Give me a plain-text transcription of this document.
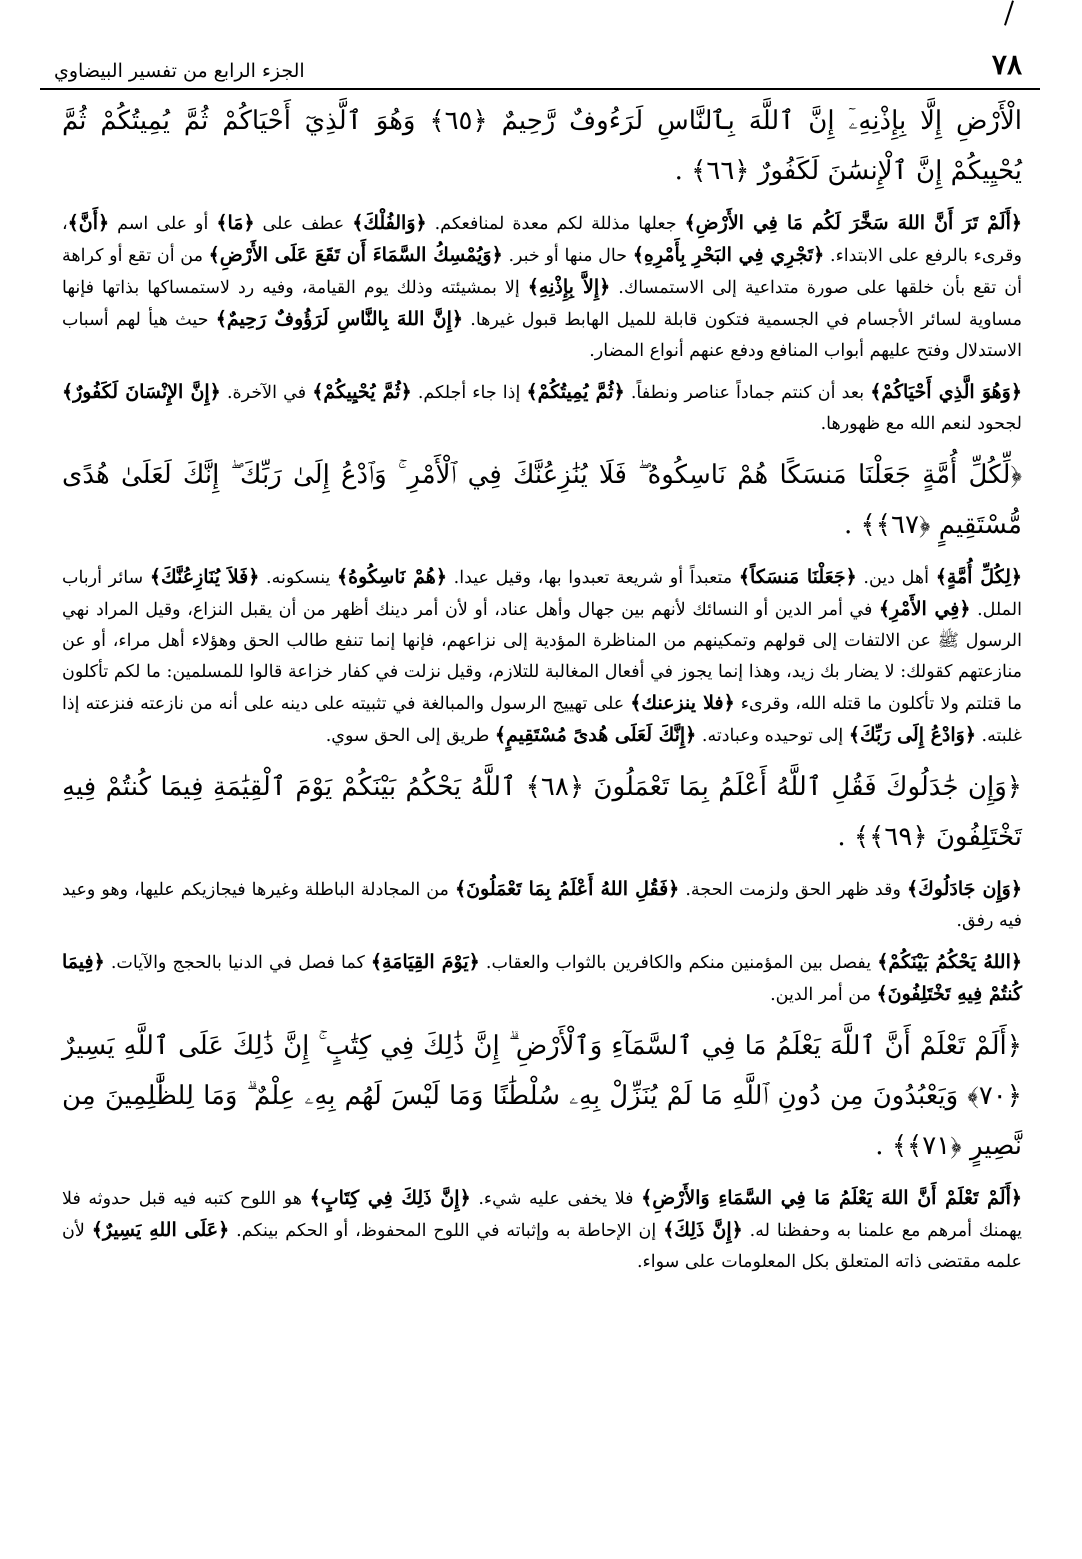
٧٨
الجزء الرابع من تفسير البيضاوي

الْأَرْضِ إِلَّا بِإِذْنِهِۦٓ إِنَّ ٱللَّهَ بِٱلنَّاسِ لَرَءُوفٌ رَّحِيمٌ ﴿٦٥﴾ وَهُوَ ٱلَّذِيٓ أَحْيَاكُمْ ثُمَّ يُمِيتُكُمْ ثُمَّ يُحْيِيكُمْ إِنَّ ٱلْإِنسَٰنَ لَكَفُورٌ ﴿٦٦﴾ .

﴿أَلَمْ تَرَ أَنَّ اللهَ سَخَّرَ لَكُم مَا فِي الأَرْضِ﴾ جعلها مذللة لكم معدة لمنافعكم. ﴿وَالفُلْكَ﴾ عطف على ﴿مَا﴾ أو على اسم ﴿أَنَّ﴾، وقرىء بالرفع على الابتداء. ﴿تَجْرِي فِي البَحْرِ بِأَمْرِهِ﴾ حال منها أو خبر. ﴿وَيُمْسِكُ السَّمَاءَ أَن تَقَعَ عَلَى الأَرْضِ﴾ من أن تقع أو كراهة أن تقع بأن خلقها على صورة متداعية إلى الاستمساك. ﴿إِلاَّ بِإِذْنِهِ﴾ إلا بمشيئته وذلك يوم القيامة، وفيه رد لاستمساكها بذاتها فإنها مساوية لسائر الأجسام في الجسمية فتكون قابلة للميل الهابط قبول غيرها. ﴿إِنَّ اللهَ بِالنَّاسِ لَرَؤُوفٌ رَحِيمٌ﴾ حيث هيأ لهم أسباب الاستدلال وفتح عليهم أبواب المنافع ودفع عنهم أنواع المضار.

﴿وَهُوَ الَّذِي أَحْيَاكُمْ﴾ بعد أن كنتم جماداً عناصر ونطفاً. ﴿ثُمَّ يُمِيتُكُمْ﴾ إذا جاء أجلكم. ﴿ثُمَّ يُحْيِيكُمْ﴾ في الآخرة. ﴿إِنَّ الإِنْسَانَ لَكَفُورٌ﴾ لجحود لنعم الله مع ظهورها.

﴿لِّكُلِّ أُمَّةٍ جَعَلْنَا مَنسَكًا هُمْ نَاسِكُوهُ ۖ فَلَا يُنَٰزِعُنَّكَ فِي ٱلْأَمْرِ ۚ وَٱدْعُ إِلَىٰ رَبِّكَ ۖ إِنَّكَ لَعَلَىٰ هُدًى مُّسْتَقِيمٍ ﴿٦٧﴾﴾ .

﴿لِكُلِّ أُمَّةٍ﴾ أهل دين. ﴿جَعَلْنَا مَنسَكاً﴾ متعبداً أو شريعة تعبدوا بها، وقيل عيدا. ﴿هُمْ نَاسِكُوهُ﴾ ينسكونه. ﴿فَلاَ يُنَازِعُنَّكَ﴾ سائر أرباب الملل. ﴿فِي الأَمْرِ﴾ في أمر الدين أو النسائك لأنهم بين جهال وأهل عناد، أو لأن أمر دينك أظهر من أن يقبل النزاع، وقيل المراد نهي الرسول ﷺ عن الالتفات إلى قولهم وتمكينهم من المناظرة المؤدية إلى نزاعهم، فإنها إنما تنفع طالب الحق وهؤلاء أهل مراء، أو عن منازعتهم كقولك: لا يضار بك زيد، وهذا إنما يجوز في أفعال المغالبة للتلازم، وقيل نزلت في كفار خزاعة قالوا للمسلمين: ما لكم تأكلون ما قتلتم ولا تأكلون ما قتله الله، وقرىء ﴿فلا ينزعنك﴾ على تهييج الرسول والمبالغة في تثبيته على دينه على أنه من نازعته فنزعته إذا غلبته. ﴿وَادْعُ إِلَى رَبِّكَ﴾ إلى توحيده وعبادته. ﴿إِنَّكَ لَعَلَى هُدىً مُسْتَقِيمٍ﴾ طريق إلى الحق سوي.

﴿وَإِن جَٰدَلُوكَ فَقُلِ ٱللَّهُ أَعْلَمُ بِمَا تَعْمَلُونَ ﴿٦٨﴾ ٱللَّهُ يَحْكُمُ بَيْنَكُمْ يَوْمَ ٱلْقِيَٰمَةِ فِيمَا كُنتُمْ فِيهِ تَخْتَلِفُونَ ﴿٦٩﴾﴾ .

﴿وَإِن جَادَلُوكَ﴾ وقد ظهر الحق ولزمت الحجة. ﴿فَقُلِ اللهُ أَعْلَمُ بِمَا تَعْمَلُونَ﴾ من المجادلة الباطلة وغيرها فيجازيكم عليها، وهو وعيد فيه رفق.

﴿اللهُ يَحْكُمُ بَيْنَكُمْ﴾ يفصل بين المؤمنين منكم والكافرين بالثواب والعقاب. ﴿يَوْمَ القِيَامَةِ﴾ كما فصل في الدنيا بالحجج والآيات. ﴿فِيمَا كُنتُمْ فِيهِ تَخْتَلِفُونَ﴾ من أمر الدين.

﴿أَلَمْ تَعْلَمْ أَنَّ ٱللَّهَ يَعْلَمُ مَا فِي ٱلسَّمَآءِ وَٱلْأَرْضِ ۗ إِنَّ ذَٰلِكَ فِي كِتَٰبٍ ۚ إِنَّ ذَٰلِكَ عَلَى ٱللَّهِ يَسِيرٌ ﴿٧٠﴾ وَيَعْبُدُونَ مِن دُونِ ٱللَّهِ مَا لَمْ يُنَزِّلْ بِهِۦ سُلْطَٰنًا وَمَا لَيْسَ لَهُم بِهِۦ عِلْمٌ ۗ وَمَا لِلظَّٰلِمِينَ مِن نَّصِيرٍ ﴿٧١﴾﴾ .

﴿أَلَمْ تَعْلَمْ أَنَّ اللهَ يَعْلَمُ مَا فِي السَّمَاءِ وَالأَرْضِ﴾ فلا يخفى عليه شيء. ﴿إِنَّ ذَلِكَ فِي كِتَابٍ﴾ هو اللوح كتبه فيه قبل حدوثه فلا يهمنك أمرهم مع علمنا به وحفظنا له. ﴿إِنَّ ذَلِكَ﴾ إن الإحاطة به وإثباته في اللوح المحفوظ، أو الحكم بينكم. ﴿عَلَى اللهِ يَسِيرٌ﴾ لأن علمه مقتضى ذاته المتعلق بكل المعلومات على سواء.
